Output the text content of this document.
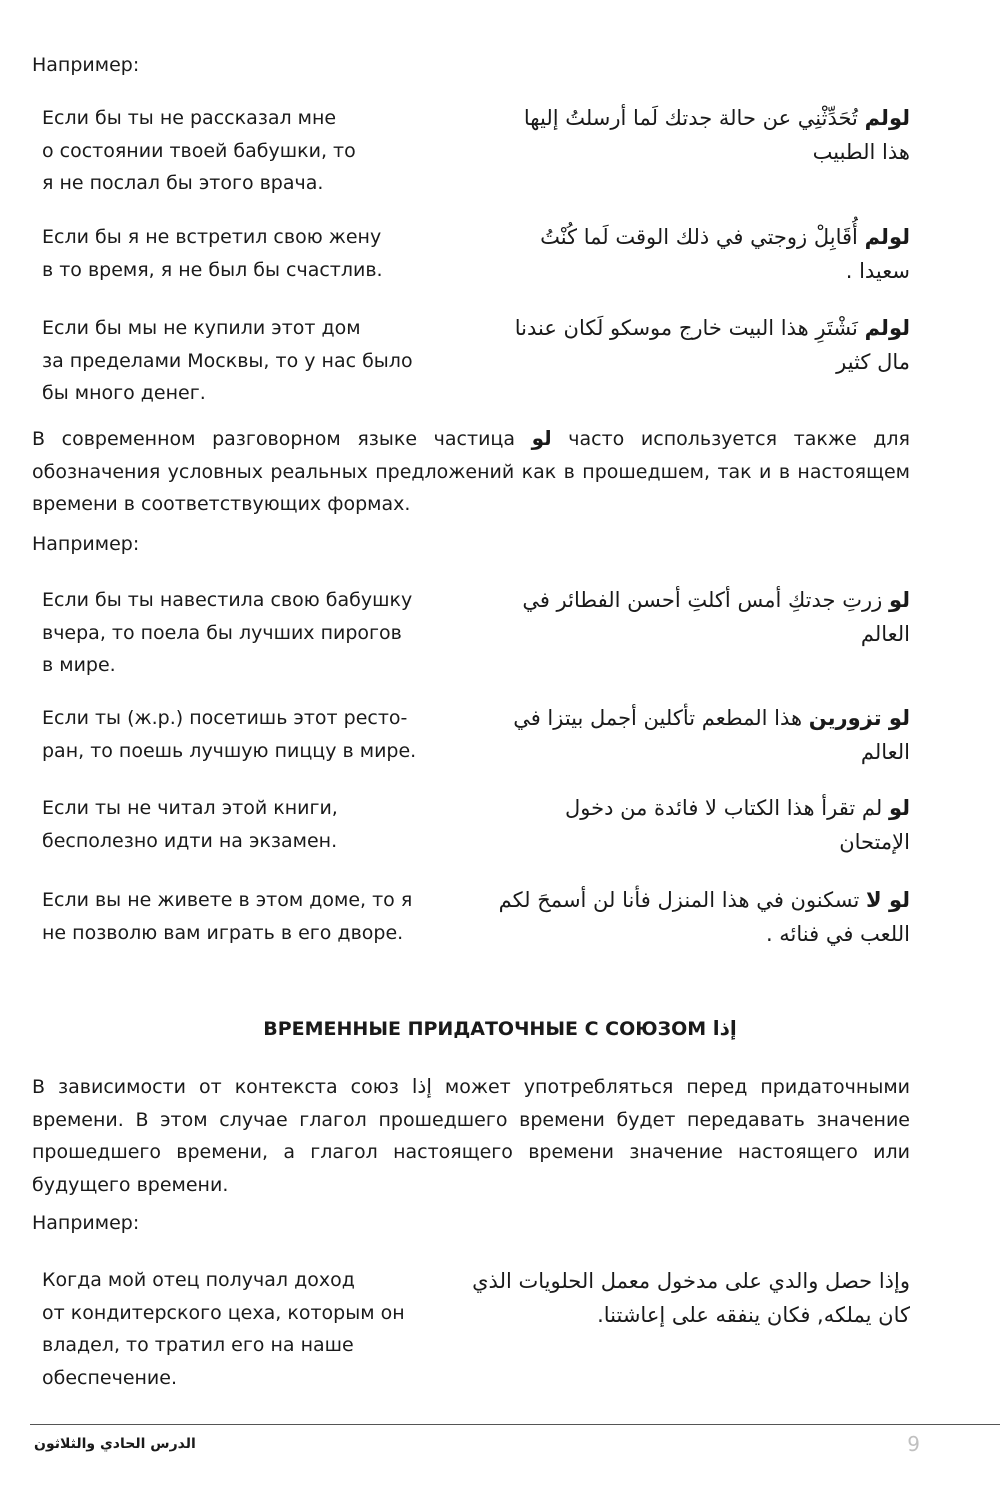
Например:
Если бы ты не рассказал мне
о состоянии твоей бабушки, то
я не послал бы этого врача.
لولم تُحَدِّثْنِي عن حالة جدتك لَما أرسلتُ إليها هذا الطبيب
Если бы я не встретил свою жену
в то время, я не был бы счастлив.
لولم أُقَابِلْ زوجتي في ذلك الوقت لَما كُنْتُ سعيدا .
Если бы мы не купили этот дом
за пределами Москвы, то у нас было
бы много денег.
لولم نَشْتَرِ هذا البيت خارج موسكو لَكان عندنا مال كثير
В современном разговорном языке частица لو часто используется также для обозначения условных реальных предложений как в прошедшем, так и в настоящем времени в соответствующих формах.
Например:
Если бы ты навестила свою бабушку
вчера, то поела бы лучших пирогов
в мире.
لو زرتِ جدتكِ أمس أكلتِ أحسن الفطائر في العالم
Если ты (ж.р.) посетишь этот ресто-
ран, то поешь лучшую пиццу в мире.
لو تزورين هذا المطعم تأكلين أجمل بيتزا في العالم
Если ты не читал этой книги,
бесполезно идти на экзамен.
لو لم تقرأ هذا الكتاب لا فائدة من دخول الإمتحان
Если вы не живете в этом доме, то я
не позволю вам играть в его дворе.
لو لا تسكنون في هذا المنزل فأنا لن أسمحَ لكم اللعب في فنائه .
ВРЕМЕННЫЕ ПРИДАТОЧНЫЕ С СОЮЗОМ إذا
В зависимости от контекста союз إذا может употребляться перед придаточными времени. В этом случае глагол прошедшего времени будет передавать значение прошедшего времени, а глагол настоящего времени значение настоящего или будущего времени.
Например:
Когда мой отец получал доход
от кондитерского цеха, которым он
владел, то тратил его на наше
обеспечение.
وإذا حصل والدي على مدخول معمل الحلويات الذي كان يملكه, فكان ينفقه على إعاشتنا.
الدرس الحادي والثلاثون	9
